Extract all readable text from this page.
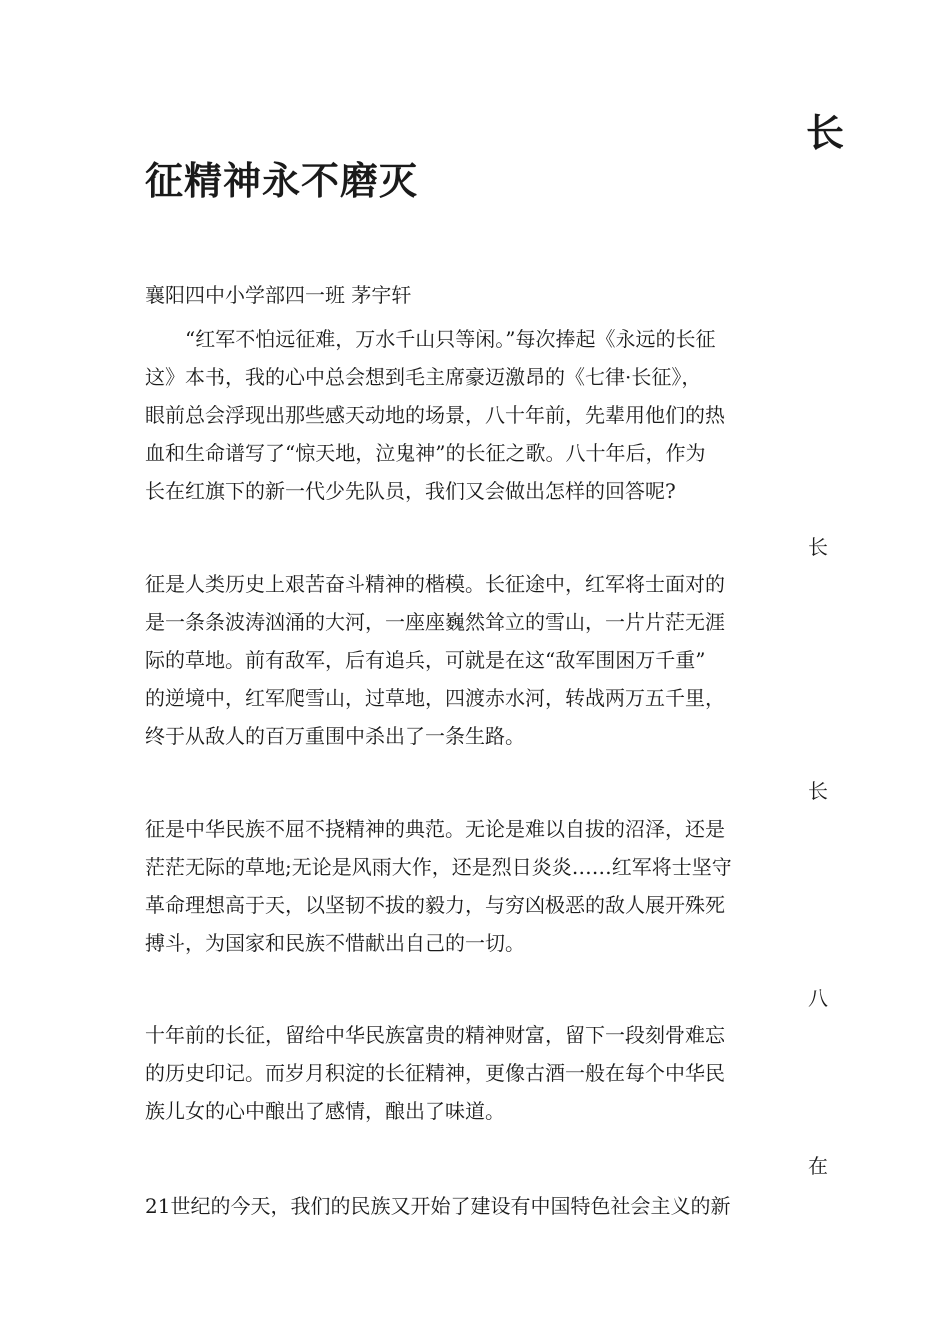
长
征精神永不磨灭
襄阳四中小学部四一班 茅宇轩
　　“红军不怕远征难，万水千山只等闲。”每次捧起《永远的长征
这》本书，我的心中总会想到毛主席豪迈激昂的《七律·长征》，
眼前总会浮现出那些感天动地的场景，八十年前，先辈用他们的热
血和生命谱写了“惊天地，泣鬼神”的长征之歌。八十年后，作为
长在红旗下的新一代少先队员，我们又会做出怎样的回答呢?
长
征是人类历史上艰苦奋斗精神的楷模。长征途中，红军将士面对的
是一条条波涛汹涌的大河，一座座巍然耸立的雪山，一片片茫无涯
际的草地。前有敌军，后有追兵，可就是在这“敌军围困万千重”
的逆境中，红军爬雪山，过草地，四渡赤水河，转战两万五千里，
终于从敌人的百万重围中杀出了一条生路。
长
征是中华民族不屈不挠精神的典范。无论是难以自拔的沼泽，还是
茫茫无际的草地;无论是风雨大作，还是烈日炎炎……红军将士坚守
革命理想高于天，以坚韧不拔的毅力，与穷凶极恶的敌人展开殊死
搏斗，为国家和民族不惜献出自己的一切。
八
十年前的长征，留给中华民族富贵的精神财富，留下一段刻骨难忘
的历史印记。而岁月积淀的长征精神，更像古酒一般在每个中华民
族儿女的心中酿出了感情，酿出了味道。
在
21世纪的今天，我们的民族又开始了建设有中国特色社会主义的新
